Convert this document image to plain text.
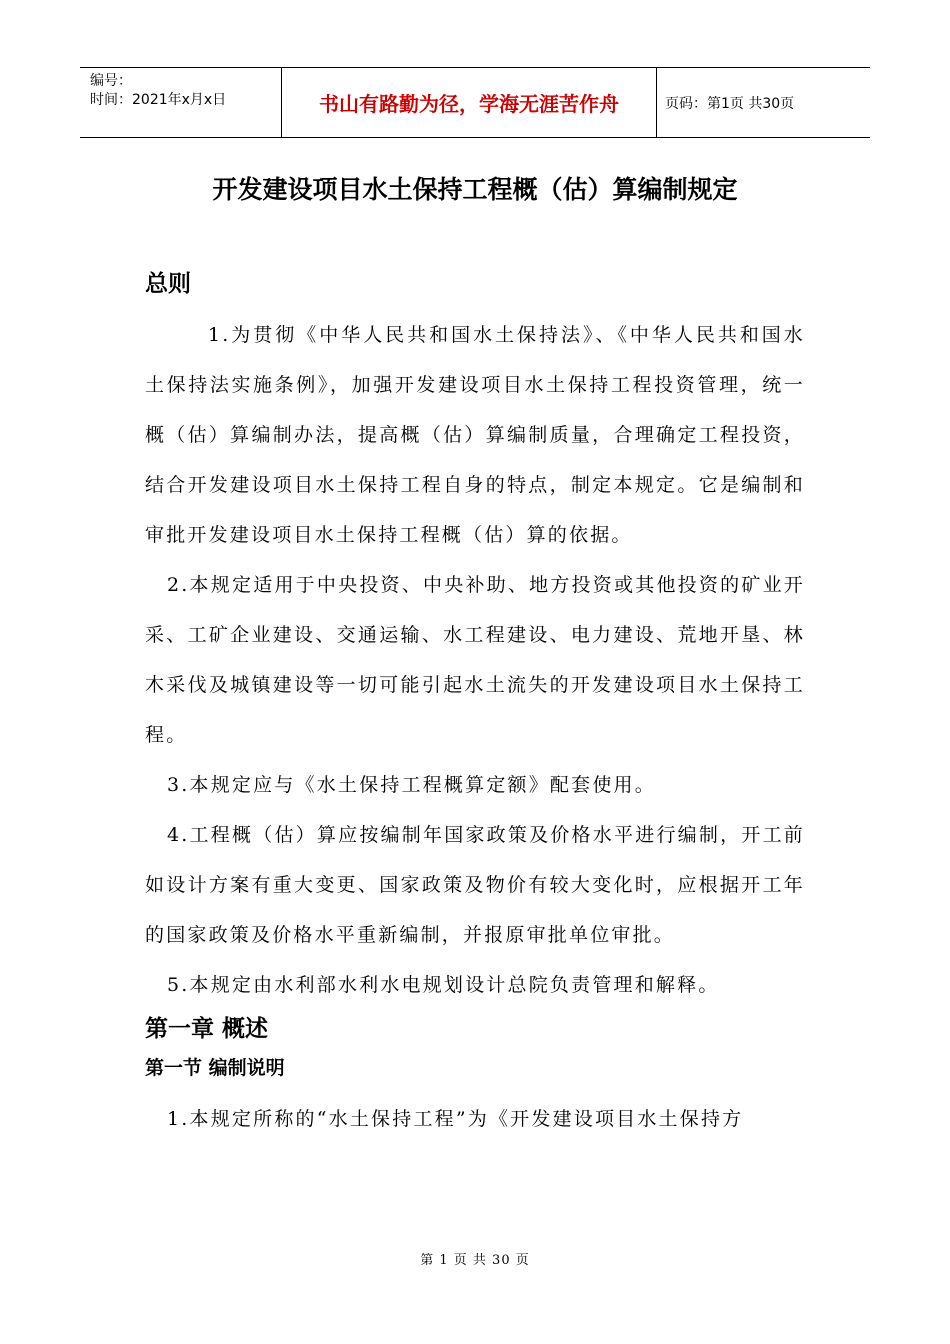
编号：
时间：2021年x月x日	书山有路勤为径，学海无涯苦作舟	页码：第1页 共30页
开发建设项目水土保持工程概（估）算编制规定
总则

1.为贯彻《中华人民共和国水土保持法》、《中华人民共和国水土保持法实施条例》，加强开发建设项目水土保持工程投资管理，统一概（估）算编制办法，提高概（估）算编制质量，合理确定工程投资，结合开发建设项目水土保持工程自身的特点，制定本规定。它是编制和审批开发建设项目水土保持工程概（估）算的依据。

2.本规定适用于中央投资、中央补助、地方投资或其他投资的矿业开采、工矿企业建设、交通运输、水工程建设、电力建设、荒地开垦、林木采伐及城镇建设等一切可能引起水土流失的开发建设项目水土保持工程。

3.本规定应与《水土保持工程概算定额》配套使用。

4.工程概（估）算应按编制年国家政策及价格水平进行编制，开工前如设计方案有重大变更、国家政策及物价有较大变化时，应根据开工年的国家政策及价格水平重新编制，并报原审批单位审批。

5.本规定由水利部水利水电规划设计总院负责管理和解释。

第一章 概述
第一节 编制说明

1.本规定所称的“水土保持工程”为《开发建设项目水土保持方

第 1 页 共 30 页
